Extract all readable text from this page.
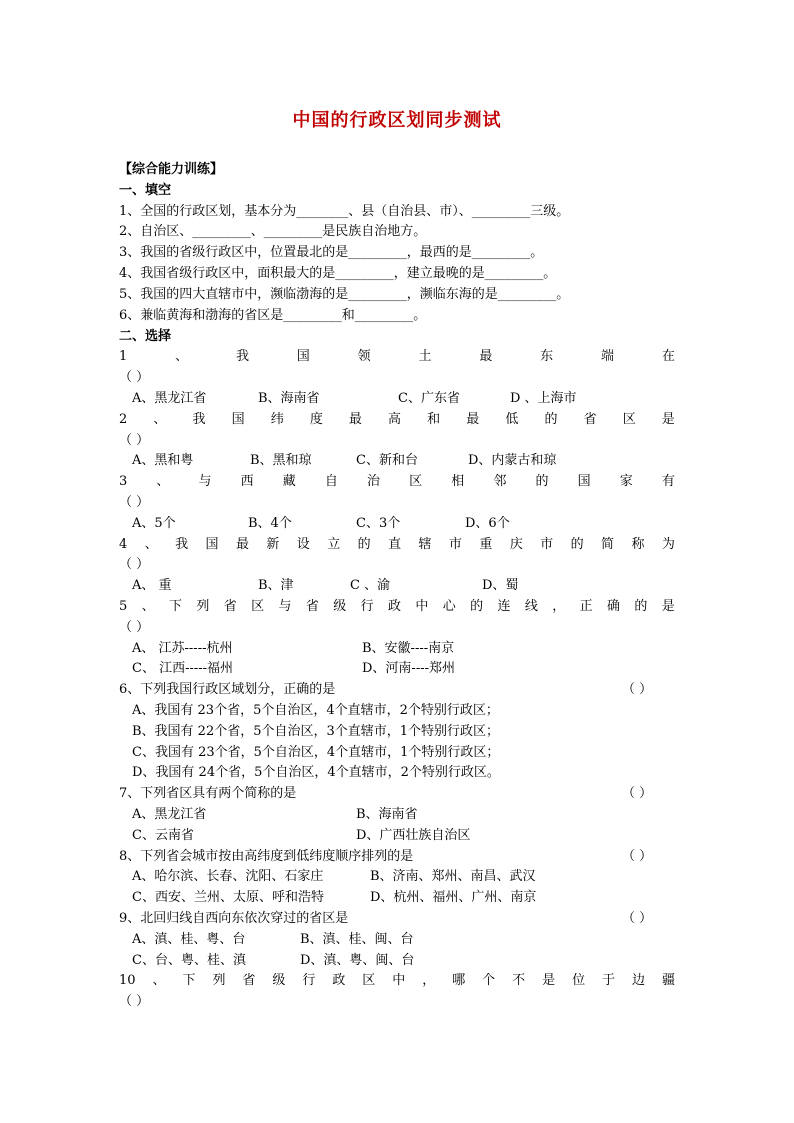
中国的行政区划同步测试
【综合能力训练】
一、填空
1、全国的行政区划，基本分为________、县（自治县、市）、_________三级。
2、自治区、_________、_________是民族自治地方。
3、我国的省级行政区中，位置最北的是_________，最西的是_________。
4、我国省级行政区中，面积最大的是_________，建立最晚的是_________。
5、我国的四大直辖市中，濒临渤海的是_________，濒临东海的是_________。
6、兼临黄海和渤海的省区是_________和_________。
二、选择
1	、	我	国	领	土	最	东	端	在
（ ）
A、黑龙江省	B、海南省	C、广东省	D 、上海市
2 、 我 国 纬 度 最 高 和 最 低 的 省 区 是
（ ）
A、黑和粤	B、黑和琼	C、新和台	D、内蒙古和琼
3 、 与 西 藏 自 治 区 相 邻 的 国 家 有
（ ）
A、5个	B、4个	C、3个	D、6个
4 、 我 国 最 新 设 立 的 直 辖 市 重 庆 市 的 简 称 为
（ ）
A、 重	B、津	C 、渝	D、蜀
5 、 下 列 省 区 与 省 级 行 政 中 心 的 连 线 ， 正 确 的 是
（ ）
A、 江苏-----杭州	B、安徽----南京
C、 江西-----福州	D、河南----郑州
6、下列我国行政区域划分，正确的是	（ ）
A、我国有 23个省，5个自治区，4个直辖市，2个特别行政区；
B、我国有 22个省，5个自治区，3个直辖市，1个特别行政区；
C、我国有 23个省，5个自治区，4个直辖市，1个特别行政区；
D、我国有 24个省，5个自治区，4个直辖市，2个特别行政区。
7、下列省区具有两个简称的是	（ ）
A、黑龙江省	B、海南省
C、云南省	D、广西壮族自治区
8、下列省会城市按由高纬度到低纬度顺序排列的是	（ ）
A、哈尔滨、长春、沈阳、石家庄	B、济南、郑州、南昌、武汉
C、西安、兰州、太原、呼和浩特	D、杭州、福州、广州、南京
9、北回归线自西向东依次穿过的省区是	（ ）
A、滇、桂、粤、台	B、滇、桂、闽、台
C、台、粤、桂、滇	D、滇、粤、闽、台
10 、 下 列 省 级 行 政 区 中 ， 哪 个 不 是 位 于 边 疆
（ ）
